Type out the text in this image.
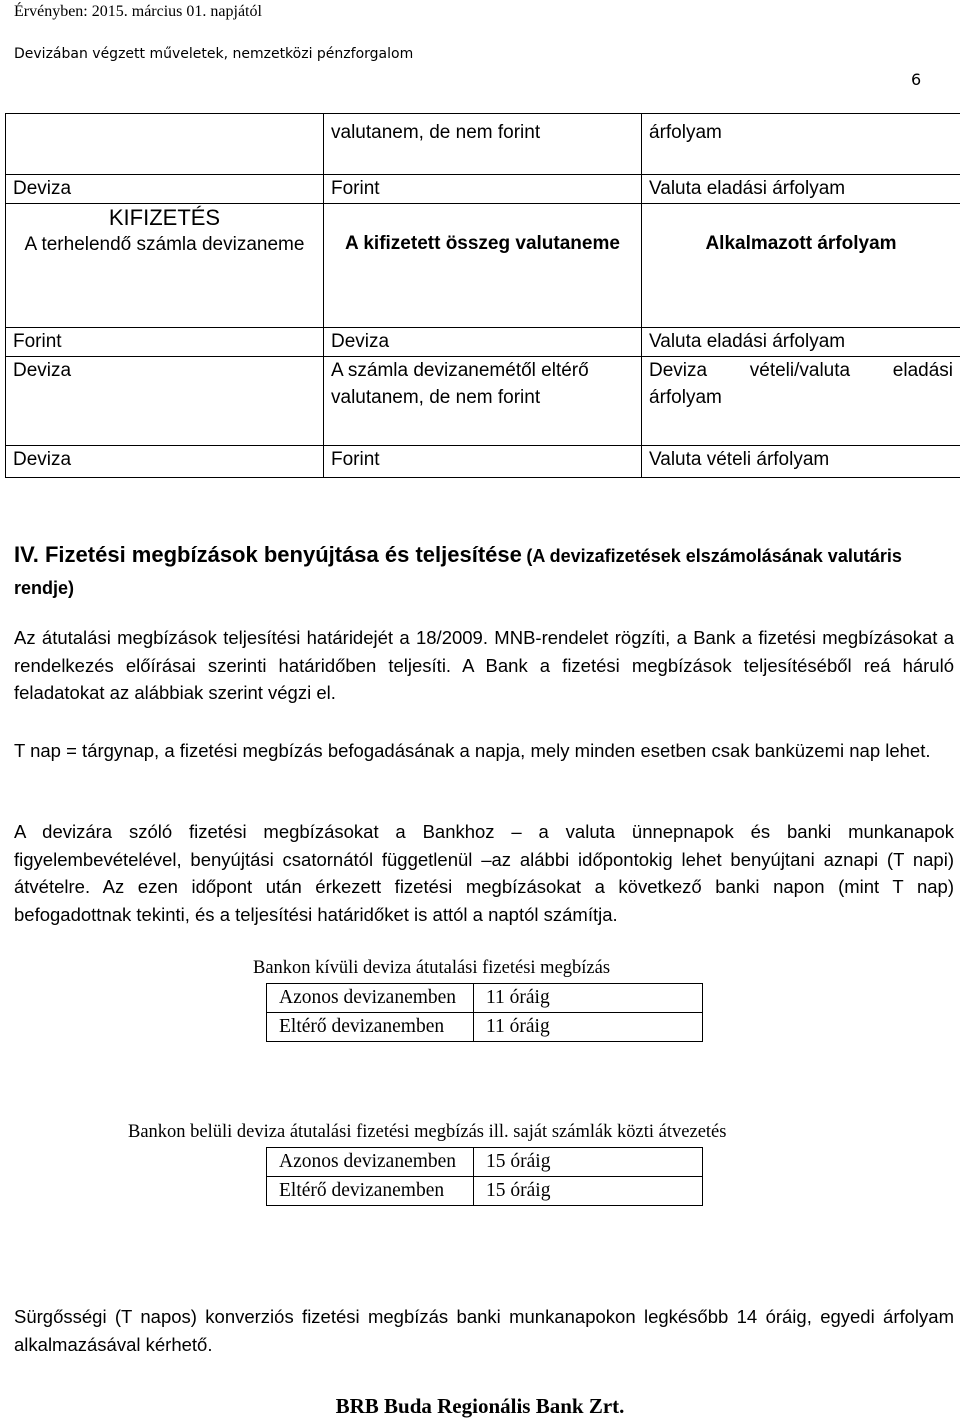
Érvényben: 2015. március 01. napjától
Devizában végzett műveletek, nemzetközi pénzforgalom
6
	valutanem, de nem forint	árfolyam
Deviza	Forint	Valuta eladási árfolyam

KIFIZETÉS
A terhelendő számla devizaneme	A kifizetett összeg valutaneme	Alkalmazott árfolyam
Forint	Deviza	Valuta eladási árfolyam
Deviza	A számla devizanemétől eltérő valutanem, de nem forint	Deviza vételi/valuta eladási árfolyam
Deviza	Forint	Valuta vételi árfolyam
IV. Fizetési megbízások benyújtása és teljesítése (A devizafizetések elszámolásának valutáris rendje)
Az átutalási megbízások teljesítési határidejét a 18/2009. MNB-rendelet rögzíti, a Bank a fizetési megbízásokat a rendelkezés előírásai szerinti határidőben teljesíti. A Bank a fizetési megbízások teljesítéséből reá háruló feladatokat az alábbiak szerint végzi el.
T nap = tárgynap, a fizetési megbízás befogadásának a napja, mely minden esetben csak banküzemi nap lehet.
A devizára szóló fizetési megbízásokat a Bankhoz – a valuta ünnepnapok és banki munkanapok figyelembevételével, benyújtási csatornától függetlenül –az alábbi időpontokig lehet benyújtani aznapi (T napi) átvételre. Az ezen időpont után érkezett fizetési megbízásokat a következő banki napon (mint T nap) befogadottnak tekinti, és a teljesítési határidőket is attól a naptól számítja.
Bankon kívüli deviza átutalási fizetési megbízás
Azonos devizanemben	11 óráig
Eltérő devizanemben	11 óráig
Bankon belüli deviza átutalási fizetési megbízás ill. saját számlák közti átvezetés
Azonos devizanemben	15 óráig
Eltérő devizanemben	15 óráig
Sürgősségi (T napos) konverziós fizetési megbízás banki munkanapokon legkésőbb 14 óráig, egyedi árfolyam alkalmazásával kérhető.
BRB Buda Regionális Bank Zrt.
